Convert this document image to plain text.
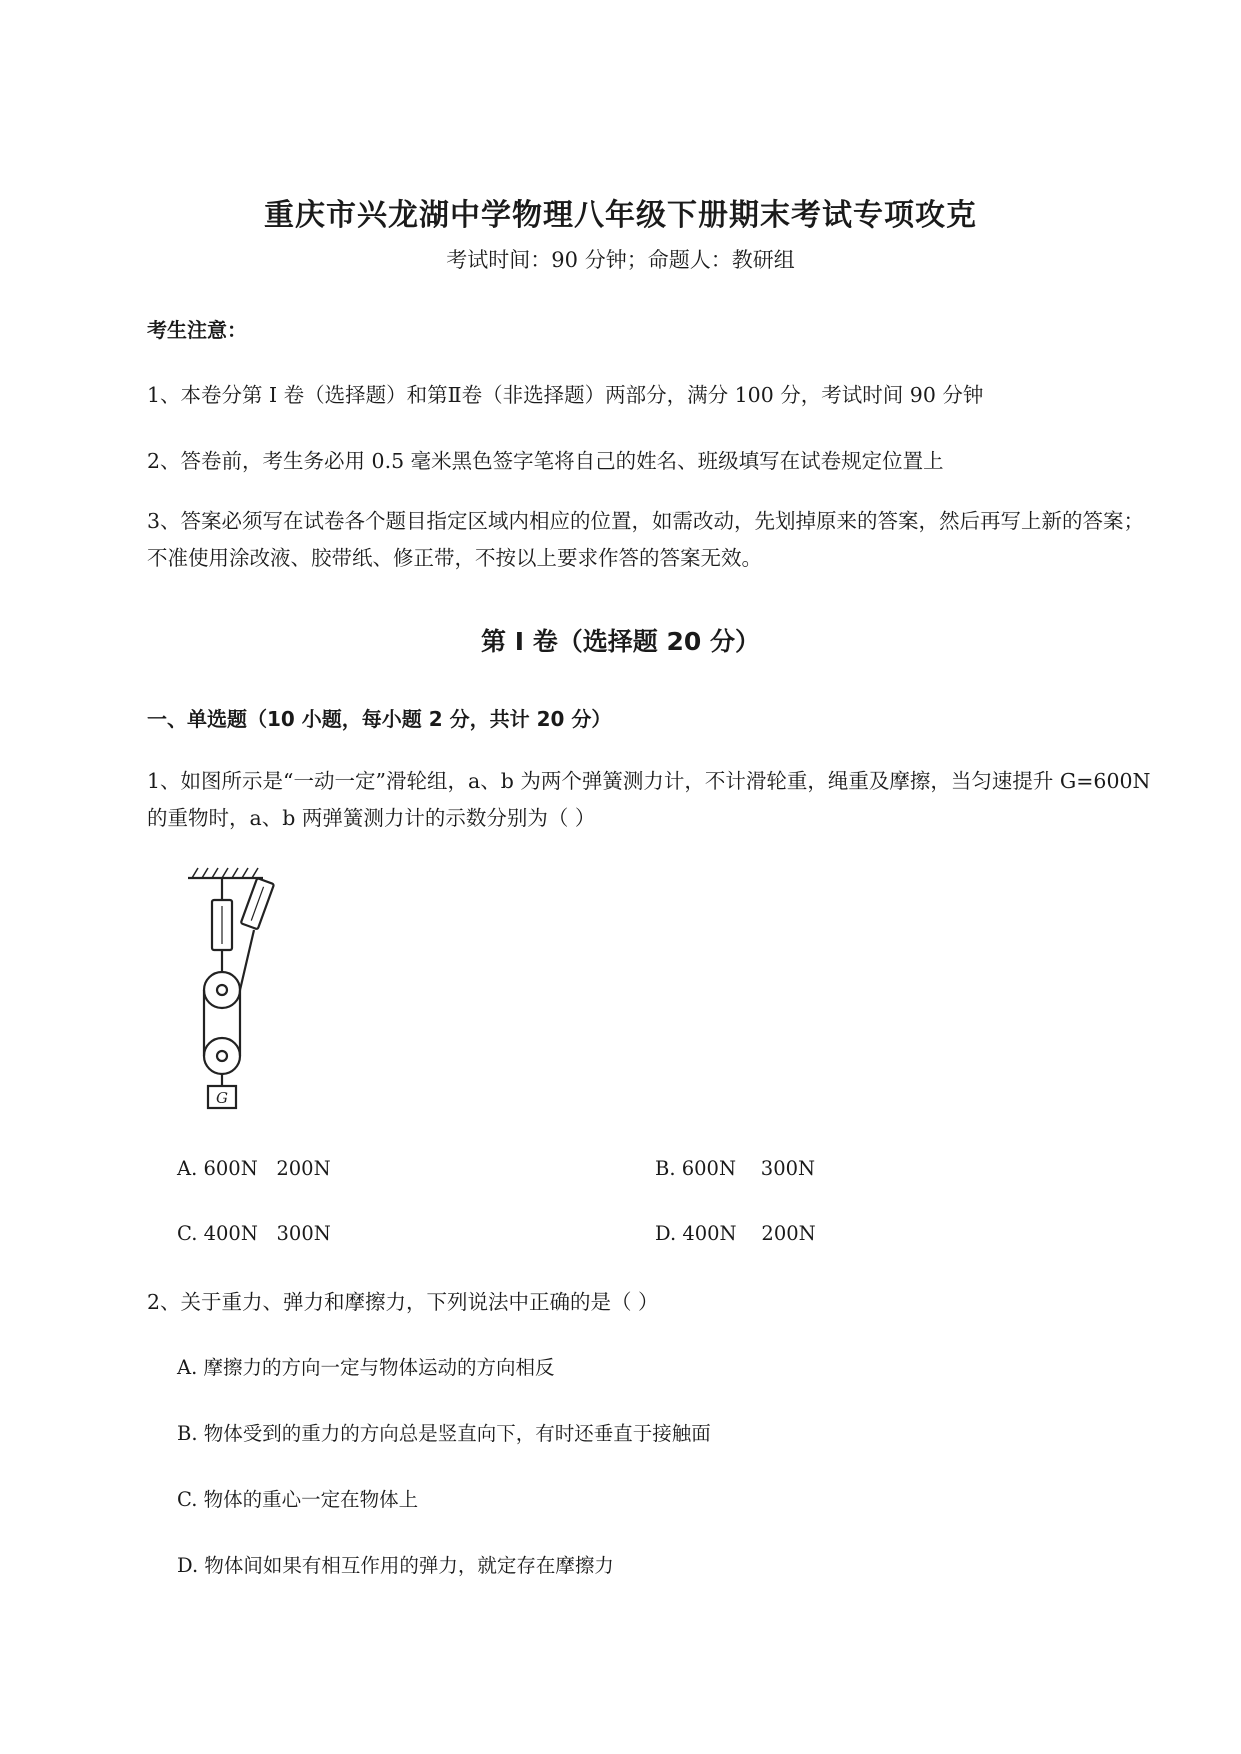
重庆市兴龙湖中学物理八年级下册期末考试专项攻克
考试时间：90 分钟；命题人：教研组
考生注意：
1、本卷分第 I 卷（选择题）和第Ⅱ卷（非选择题）两部分，满分 100 分，考试时间 90 分钟
2、答卷前，考生务必用 0.5 毫米黑色签字笔将自己的姓名、班级填写在试卷规定位置上
3、答案必须写在试卷各个题目指定区域内相应的位置，如需改动，先划掉原来的答案，然后再写上新的答案；不准使用涂改液、胶带纸、修正带，不按以上要求作答的答案无效。
第 I 卷（选择题 20 分）
一、单选题（10 小题，每小题 2 分，共计 20 分）
1、如图所示是“一动一定”滑轮组，a、b 为两个弹簧测力计，不计滑轮重，绳重及摩擦，当匀速提升 G=600N 的重物时，a、b 两弹簧测力计的示数分别为（ ）
G
A. 600N   200N	B. 600N    300N
C. 400N   300N	D. 400N    200N
2、关于重力、弹力和摩擦力，下列说法中正确的是（ ）
A. 摩擦力的方向一定与物体运动的方向相反
B. 物体受到的重力的方向总是竖直向下，有时还垂直于接触面
C. 物体的重心一定在物体上
D. 物体间如果有相互作用的弹力，就定存在摩擦力
